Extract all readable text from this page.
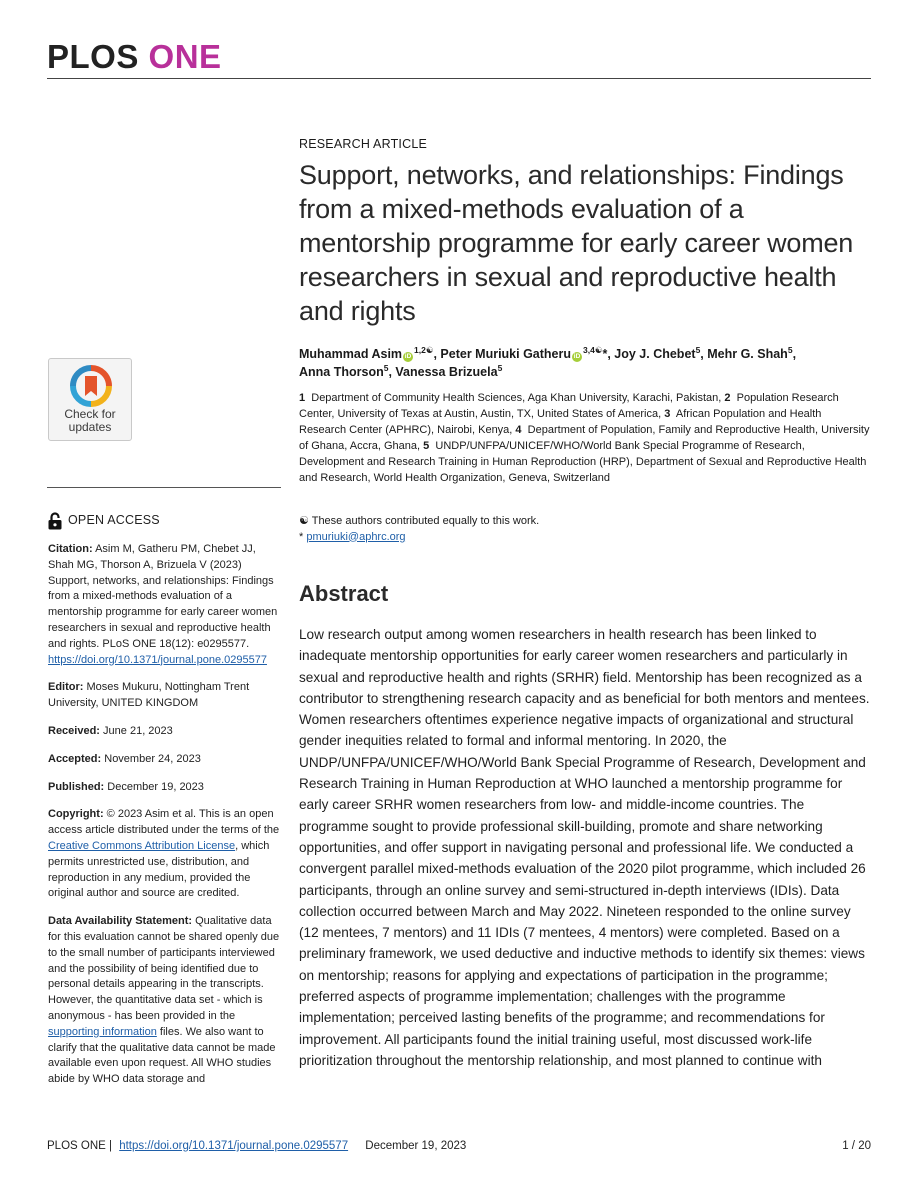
PLOS ONE
Check for
updates
OPEN ACCESS
Citation: Asim M, Gatheru PM, Chebet JJ, Shah MG, Thorson A, Brizuela V (2023) Support, networks, and relationships: Findings from a mixed-methods evaluation of a mentorship programme for early career women researchers in sexual and reproductive health and rights. PLoS ONE 18(12): e0295577. https://doi.org/10.1371/journal.pone.0295577
Editor: Moses Mukuru, Nottingham Trent University, UNITED KINGDOM
Received: June 21, 2023
Accepted: November 24, 2023
Published: December 19, 2023
Copyright: © 2023 Asim et al. This is an open access article distributed under the terms of the Creative Commons Attribution License, which permits unrestricted use, distribution, and reproduction in any medium, provided the original author and source are credited.
Data Availability Statement: Qualitative data for this evaluation cannot be shared openly due to the small number of participants interviewed and the possibility of being identified due to personal details appearing in the transcripts. However, the quantitative data set - which is anonymous - has been provided in the supporting information files. We also want to clarify that the qualitative data cannot be made available even upon request. All WHO studies abide by WHO data storage and
RESEARCH ARTICLE
Support, networks, and relationships: Findings from a mixed-methods evaluation of a mentorship programme for early career women researchers in sexual and reproductive health and rights
Muhammad Asim $iD^{1,2☯}$, Peter Muriuki Gatheru $iD^{3,4☯}*$, Joy J. Chebet$^5$, Mehr G. Shah$^5$,
Anna Thorson$^5$, Vanessa Brizuela$^5$
1 Department of Community Health Sciences, Aga Khan University, Karachi, Pakistan, 2 Population Research Center, University of Texas at Austin, Austin, TX, United States of America, 3 African Population and Health Research Center (APHRC), Nairobi, Kenya, 4 Department of Population, Family and Reproductive Health, University of Ghana, Accra, Ghana, 5 UNDP/UNFPA/UNICEF/WHO/World Bank Special Programme of Research, Development and Research Training in Human Reproduction (HRP), Department of Sexual and Reproductive Health and Research, World Health Organization, Geneva, Switzerland
☯ These authors contributed equally to this work.
* pmuriuki@aphrc.org
Abstract

Low research output among women researchers in health research has been linked to inadequate mentorship opportunities for early career women researchers and particularly in sexual and reproductive health and rights (SRHR) field. Mentorship has been recognized as a contributor to strengthening research capacity and as beneficial for both mentors and mentees. Women researchers oftentimes experience negative impacts of organizational and structural gender inequities related to formal and informal mentoring. In 2020, the UNDP/UNFPA/UNICEF/WHO/World Bank Special Programme of Research, Development and Research Training in Human Reproduction at WHO launched a mentorship programme for early career SRHR women researchers from low- and middle-income countries. The programme sought to provide professional skill-building, promote and share networking opportunities, and offer support in navigating personal and professional life. We conducted a convergent parallel mixed-methods evaluation of the 2020 pilot programme, which included 26 participants, through an online survey and semi-structured in-depth interviews (IDIs). Data collection occurred between March and May 2022. Nineteen responded to the online survey (12 mentees, 7 mentors) and 11 IDIs (7 mentees, 4 mentors) were completed. Based on a preliminary framework, we used deductive and inductive methods to identify six themes: views on mentorship; reasons for applying and expectations of participation in the programme; preferred aspects of programme implementation; challenges with the programme implementation; perceived lasting benefits of the programme; and recommendations for improvement. All participants found the initial training useful, most discussed work-life prioritization throughout the mentorship relationship, and most planned to continue with

PLOS ONE | https://doi.org/10.1371/journal.pone.0295577 December 19, 2023	1 / 20
